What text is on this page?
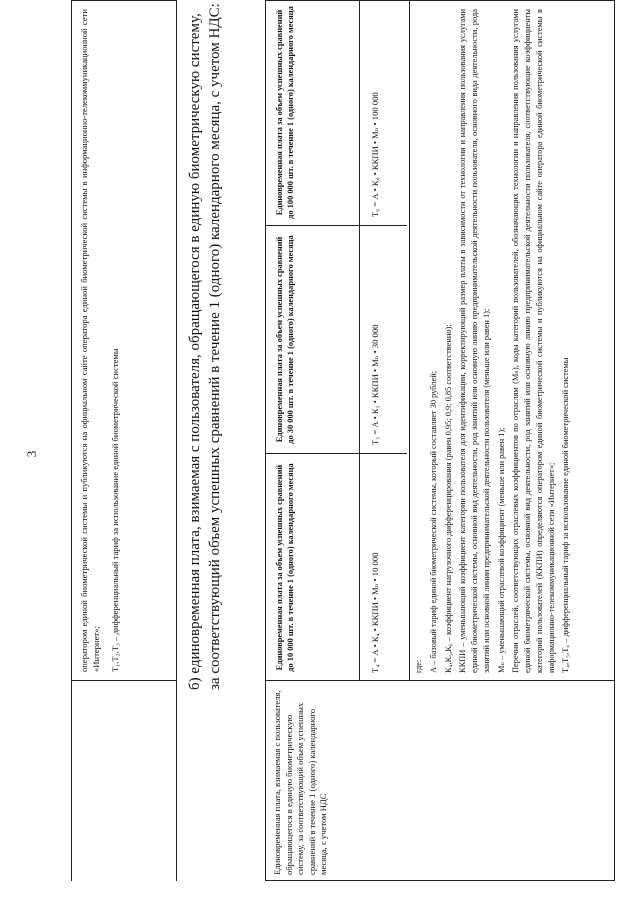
3	оператором единой биометрической системы и публикуются на официальном сайте оператора единой биометрической системы в информационно-телекоммуникационной сети «Интернет»; Т₁,Т₂,Т₃ – дифференциальный тариф за использование единой биометрической системы	б) единовременная плата, взимаемая с пользователя, обращающегося в единую биометрическую систему, за соответствующий объем успешных сравнений в течение 1 (одного) календарного месяца, с учетом НДС:
Единовременная плата, взимаемая с пользователя, обращающегося в единую биометрическую систему, за соответствующий объем успешных сравнений в течение 1 (одного) календарного месяца, с учетом НДС
Единовременная плата за объем успешных сравнений до 10 000 шт. в течение 1 (одного) календарного месяца
Единовременная плата за объем успешных сравнений до 30 000 шт. в течение 1 (одного) календарного месяца
Единовременная плата за объем успешных сравнений до 100 000 шт. в течение 1 (одного) календарного месяца
Т₄ = А • К₄ • ККПИ • Мₙ • 10 000
Т₅ = А • К₅ • ККПИ • Мₙ • 30 000
Т₆ = А • К₆ • ККПИ • Мₙ • 100 000

где: А – базовый тариф единой биометрической системы, который составляет 30 рублей; К₄,К₅,К₆ – коэффициент нагрузочного дифференцирования (равен 0,95; 0,9; 0,85 соответственно); ККПИ – уменьшающий коэффициент категории пользователя для идентификации, корректирующий размер платы в зависимости от технологии и направления пользования услугами единой биометрической системы, основной вид деятельности, род занятий или основную линию предпринимательской деятельности пользователя, основного вида деятельности, рода занятий или основной линии предпринимательской деятельности пользователя (меньше или равен 1); Мₙ – уменьшающий отраслевой коэффициент (меньше или равен 1); Перечни отраслей, соответствующих отраслевых коэффициентов по отраслям (Мₙ), коды категорий пользователей, обозначающих технологии и направления пользования услугами единой биометрической системы, основной вид деятельности, род занятий или основную линию предпринимательской деятельности пользователя, соответствующие коэффициенты категорий пользователей (ККПИ) определяются оператором единой биометрической системы и публикуются на официальном сайте оператора единой биометрической системы в информационно-телекоммуникационной сети «Интернет»; Т₄,Т₅,Т₆ – дифференциальный тариф за использование единой биометрической системы
